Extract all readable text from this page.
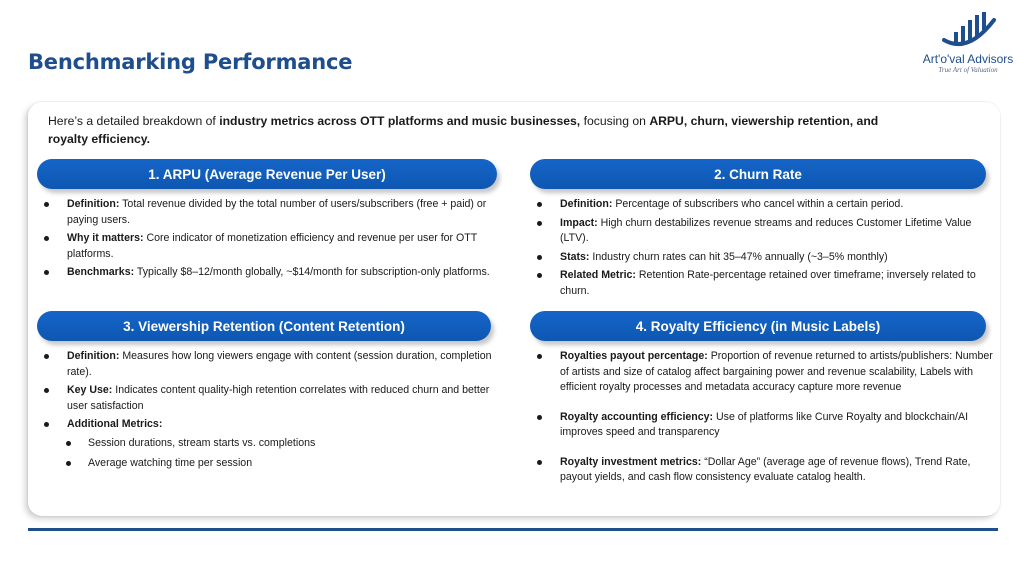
Benchmarking Performance	Art'o'val Advisors
True Art of Valuation

Here’s a detailed breakdown of industry metrics across OTT platforms and music businesses, focusing on ARPU, churn, viewership retention, and royalty efficiency.

1. ARPU (Average Revenue Per User)
Definition: Total revenue divided by the total number of users/subscribers (free + paid) or paying users.
Why it matters: Core indicator of monetization efficiency and revenue per user for OTT platforms.
Benchmarks: Typically $8–12/month globally, ~$14/month for subscription-only platforms.
2. Churn Rate
Definition: Percentage of subscribers who cancel within a certain period.
Impact: High churn destabilizes revenue streams and reduces Customer Lifetime Value (LTV).
Stats: Industry churn rates can hit 35–47% annually (~3–5% monthly)
Related Metric: Retention Rate-percentage retained over timeframe; inversely related to churn.
3. Viewership Retention (Content Retention)
Definition: Measures how long viewers engage with content (session duration, completion rate).
Key Use: Indicates content quality-high retention correlates with reduced churn and better user satisfaction
Additional Metrics:
Session durations, stream starts vs. completions
Average watching time per session
4. Royalty Efficiency (in Music Labels)
Royalties payout percentage: Proportion of revenue returned to artists/publishers: Number of artists and size of catalog affect bargaining power and revenue scalability, Labels with efficient royalty processes and metadata accuracy capture more revenue
Royalty accounting efficiency: Use of platforms like Curve Royalty and blockchain/AI improves speed and transparency
Royalty investment metrics: “Dollar Age” (average age of revenue flows), Trend Rate, payout yields, and cash flow consistency evaluate catalog health.
